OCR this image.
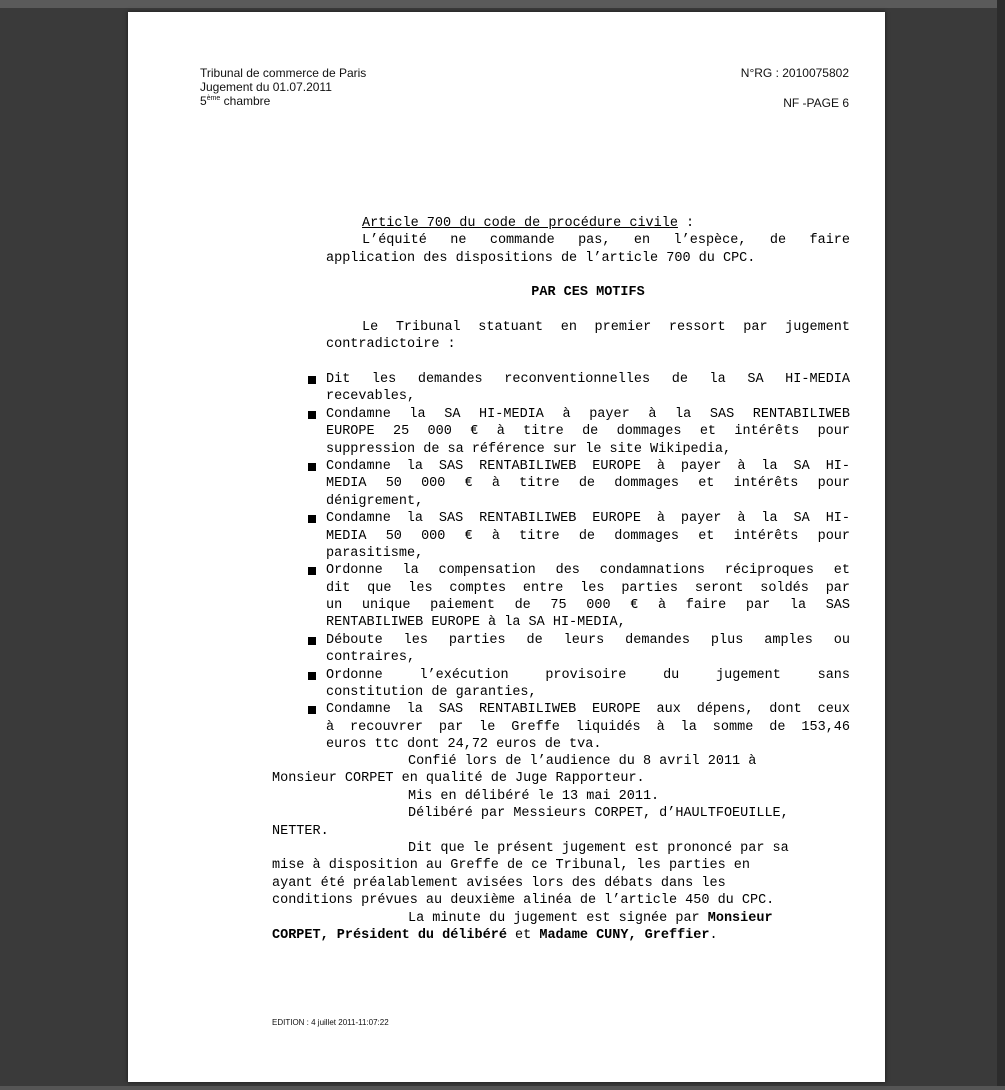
Tribunal de commerce de Paris
Jugement du 01.07.2011
5ème chambre
N°RG : 2010075802
NF -PAGE 6
Article 700 du code de procédure civile :
L’équité ne commande pas, en l’espèce, de faire
application des dispositions de l’article 700 du CPC.
PAR CES MOTIFS
Le Tribunal statuant en premier ressort par jugement
contradictoire :
Dit les demandes reconventionnelles de la SA HI-MEDIA
recevables,
Condamne la SA HI-MEDIA à payer à la SAS RENTABILIWEB
EUROPE 25 000 € à titre de dommages et intérêts pour
suppression de sa référence sur le site Wikipedia,
Condamne la SAS RENTABILIWEB EUROPE à payer à la SA HI-
MEDIA 50 000 € à titre de dommages et intérêts pour
dénigrement,
Condamne la SAS RENTABILIWEB EUROPE à payer à la SA HI-
MEDIA 50 000 € à titre de dommages et intérêts pour
parasitisme,
Ordonne la compensation des condamnations réciproques et
dit que les comptes entre les parties seront soldés par
un unique paiement de 75 000 € à faire par la SAS
RENTABILIWEB EUROPE à la SA HI-MEDIA,
Déboute les parties de leurs demandes plus amples ou
contraires,
Ordonne l’exécution provisoire du jugement sans
constitution de garanties,
Condamne la SAS RENTABILIWEB EUROPE aux dépens, dont ceux
à recouvrer par le Greffe liquidés à la somme de 153,46
euros ttc dont 24,72 euros de tva.
Confié lors de l’audience du 8 avril 2011 à
Monsieur CORPET en qualité de Juge Rapporteur.
Mis en délibéré le 13 mai 2011.
Délibéré par Messieurs CORPET, d’HAULTFOEUILLE,
NETTER.
Dit que le présent jugement est prononcé par sa
mise à disposition au Greffe de ce Tribunal, les parties en
ayant été préalablement avisées lors des débats dans les
conditions prévues au deuxième alinéa de l’article 450 du CPC.
La minute du jugement est signée par Monsieur
CORPET, Président du délibéré et Madame CUNY, Greffier.
EDITION : 4 juillet 2011-11:07:22
